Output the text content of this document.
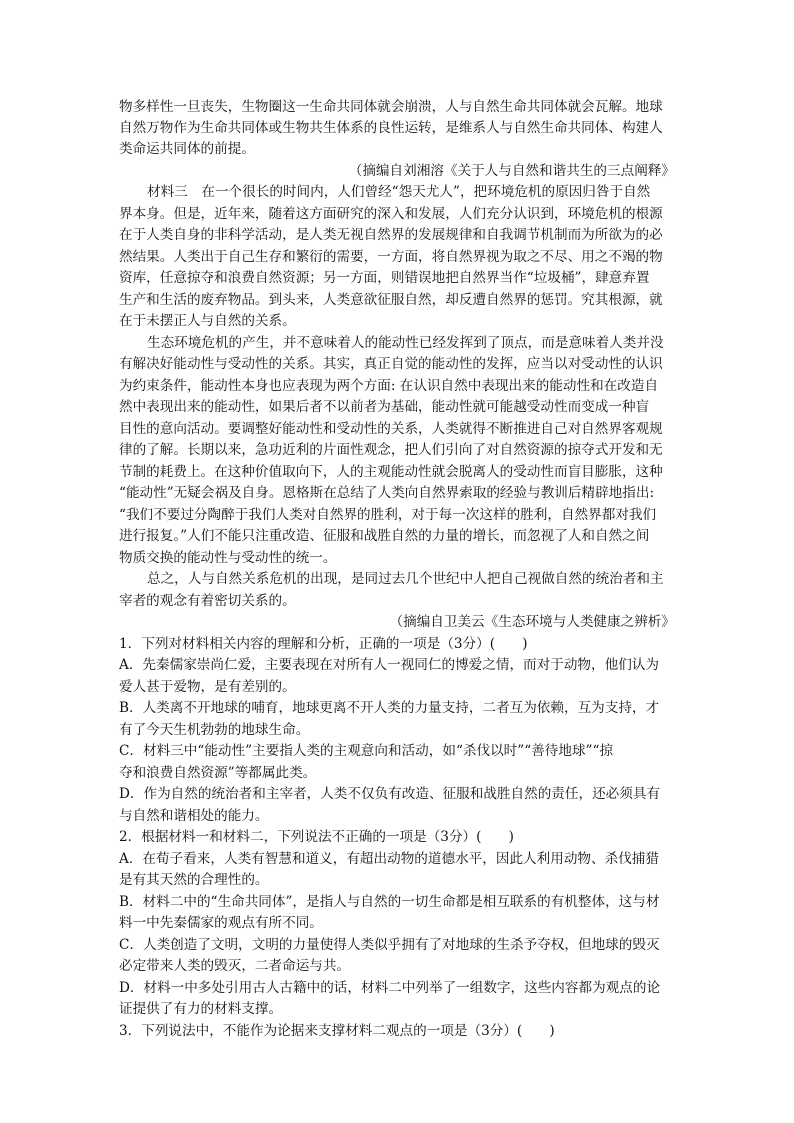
物多样性一旦丧失，生物圈这一生命共同体就会崩溃，人与自然生命共同体就会瓦解。地球
自然万物作为生命共同体或生物共生体系的良性运转，是维系人与自然生命共同体、构建人
类命运共同体的前提。
（摘编自刘湘溶《关于人与自然和谐共生的三点阐释》
材料三　在一个很长的时间内，人们曾经“怨天尤人”，把环境危机的原因归咎于自然
界本身。但是，近年来，随着这方面研究的深入和发展，人们充分认识到，环境危机的根源
在于人类自身的非科学活动，是人类无视自然界的发展规律和自我调节机制而为所欲为的必
然结果。人类出于自己生存和繁衍的需要，一方面，将自然界视为取之不尽、用之不竭的物
资库，任意掠夺和浪费自然资源；另一方面，则错误地把自然界当作“垃圾桶”，肆意弃置
生产和生活的废弃物品。到头来，人类意欲征服自然，却反遭自然界的惩罚。究其根源，就
在于未摆正人与自然的关系。
生态环境危机的产生，并不意味着人的能动性已经发挥到了顶点，而是意味着人类并没
有解决好能动性与受动性的关系。其实，真正自觉的能动性的发挥，应当以对受动性的认识
为约束条件，能动性本身也应表现为两个方面: 在认识自然中表现出来的能动性和在改造自
然中表现出来的能动性，如果后者不以前者为基础，能动性就可能越受动性而变成一种盲
目性的意向活动。要调整好能动性和受动性的关系，人类就得不断推进自己对自然界客观规
律的了解。长期以来，急功近利的片面性观念，把人们引向了对自然资源的掠夺式开发和无
节制的耗费上。在这种价值取向下，人的主观能动性就会脱离人的受动性而盲目膨胀，这种
“能动性”无疑会祸及自身。恩格斯在总结了人类向自然界索取的经验与教训后精辟地指出:
“我们不要过分陶醉于我们人类对自然界的胜利，对于每一次这样的胜利，自然界都对我们
进行报复。”人们不能只注重改造、征服和战胜自然的力量的增长，而忽视了人和自然之间
物质交换的能动性与受动性的统一。
总之，人与自然关系危机的出现，是同过去几个世纪中人把自己视做自然的统治者和主
宰者的观念有着密切关系的。
（摘编自卫美云《生态环境与人类健康之辨析》
1．下列对材料相关内容的理解和分析，正确的一项是（3分）(　　)
A．先秦儒家崇尚仁爱，主要表现在对所有人一视同仁的博爱之情，而对于动物，他们认为
爱人甚于爱物，是有差别的。
B．人类离不开地球的哺育，地球更离不开人类的力量支持，二者互为依赖，互为支持，才
有了今天生机勃勃的地球生命。
C．材料三中“能动性”主要指人类的主观意向和活动，如“杀伐以时”“善待地球”“掠
夺和浪费自然资源”等都属此类。
D．作为自然的统治者和主宰者，人类不仅负有改造、征服和战胜自然的责任，还必须具有
与自然和谐相处的能力。
2．根据材料一和材料二，下列说法不正确的一项是（3分）(　　)
A．在荀子看来，人类有智慧和道义，有超出动物的道德水平，因此人利用动物、杀伐捕猎
是有其天然的合理性的。
B．材料二中的“生命共同体”，是指人与自然的一切生命都是相互联系的有机整体，这与材
料一中先秦儒家的观点有所不同。
C．人类创造了文明，文明的力量使得人类似乎拥有了对地球的生杀予夺权，但地球的毁灭
必定带来人类的毁灭，二者命运与共。
D．材料一中多处引用古人古籍中的话，材料二中列举了一组数字，这些内容都为观点的论
证提供了有力的材料支撑。
3．下列说法中，不能作为论据来支撑材料二观点的一项是（3分）(　　)
